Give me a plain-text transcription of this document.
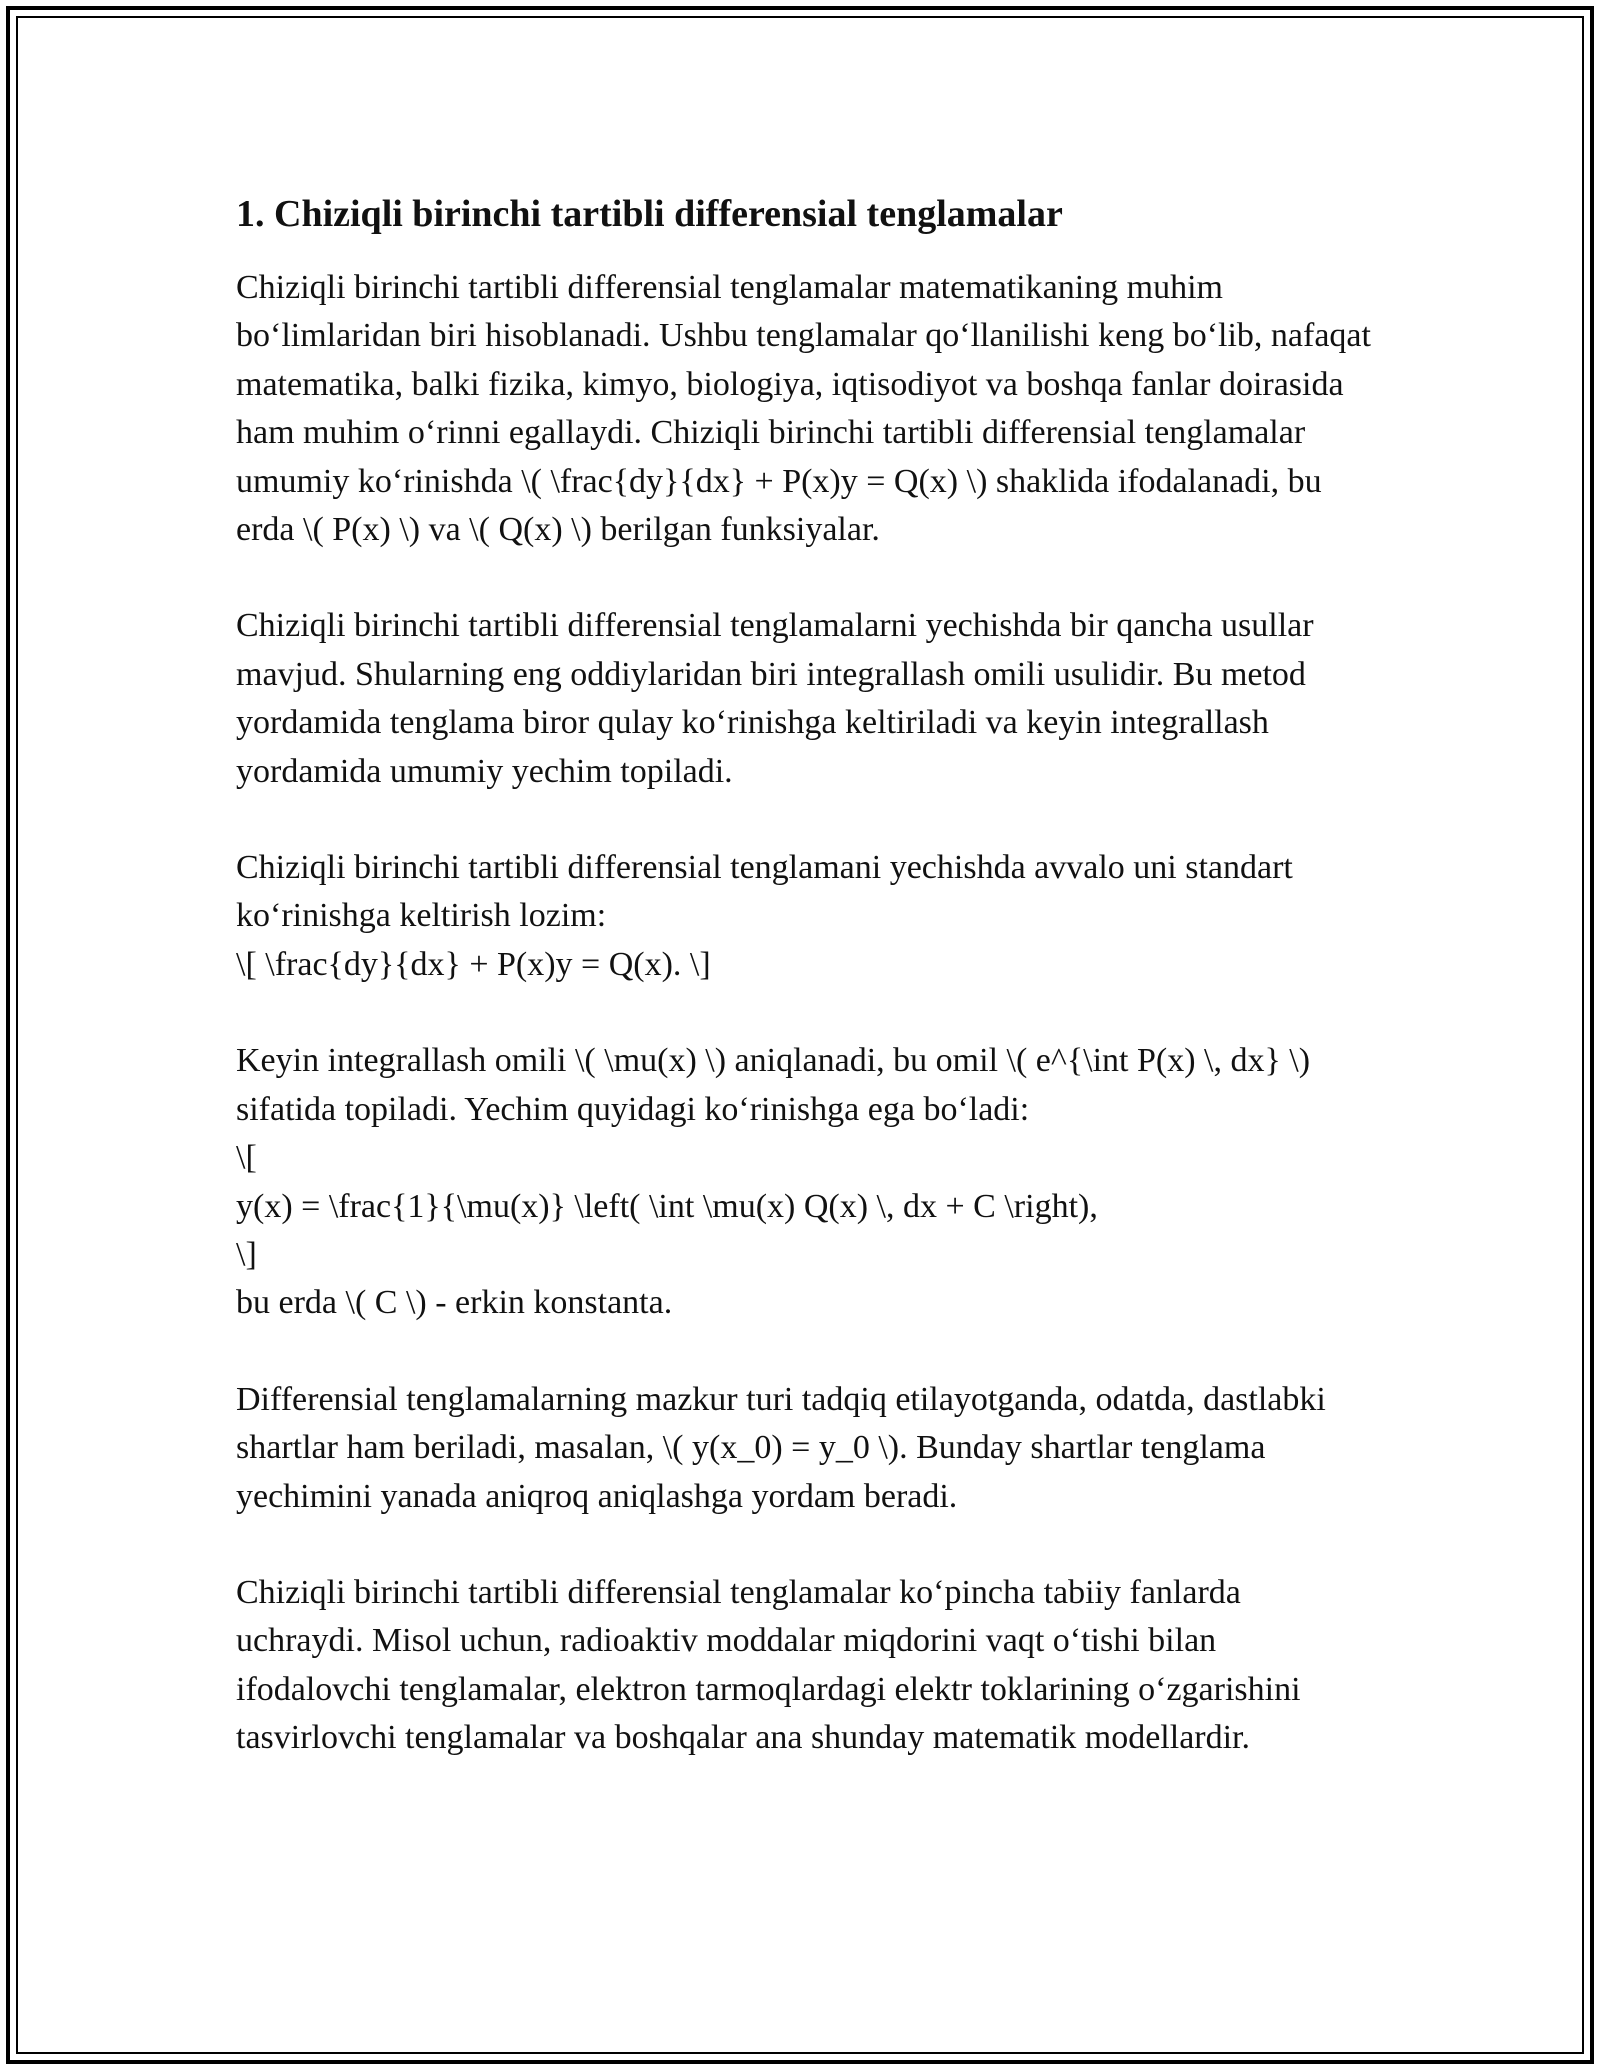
1. Chiziqli birinchi tartibli differensial tenglamalar

Chiziqli birinchi tartibli differensial tenglamalar matematikaning muhim bo‘limlaridan biri hisoblanadi. Ushbu tenglamalar qo‘llanilishi keng bo‘lib, nafaqat matematika, balki fizika, kimyo, biologiya, iqtisodiyot va boshqa fanlar doirasida ham muhim o‘rinni egallaydi. Chiziqli birinchi tartibli differensial tenglamalar umumiy ko‘rinishda \( \frac{dy}{dx} + P(x)y = Q(x) \) shaklida ifodalanadi, bu erda \( P(x) \) va \( Q(x) \) berilgan funksiyalar.

Chiziqli birinchi tartibli differensial tenglamalarni yechishda bir qancha usullar mavjud. Shularning eng oddiylaridan biri integrallash omili usulidir. Bu metod yordamida tenglama biror qulay ko‘rinishga keltiriladi va keyin integrallash yordamida umumiy yechim topiladi.

Chiziqli birinchi tartibli differensial tenglamani yechishda avvalo uni standart ko‘rinishga keltirish lozim:
\[ \frac{dy}{dx} + P(x)y = Q(x). \]

Keyin integrallash omili \( \mu(x) \) aniqlanadi, bu omil \( e^{\int P(x) \, dx} \) sifatida topiladi. Yechim quyidagi ko‘rinishga ega bo‘ladi:
\[
y(x) = \frac{1}{\mu(x)} \left( \int \mu(x) Q(x) \, dx + C \right),
\]
bu erda \( C \) - erkin konstanta.

Differensial tenglamalarning mazkur turi tadqiq etilayotganda, odatda, dastlabki shartlar ham beriladi, masalan, \( y(x_0) = y_0 \). Bunday shartlar tenglama yechimini yanada aniqroq aniqlashga yordam beradi.

Chiziqli birinchi tartibli differensial tenglamalar ko‘pincha tabiiy fanlarda uchraydi. Misol uchun, radioaktiv moddalar miqdorini vaqt o‘tishi bilan ifodalovchi tenglamalar, elektron tarmoqlardagi elektr toklarining o‘zgarishini tasvirlovchi tenglamalar va boshqalar ana shunday matematik modellardir.
